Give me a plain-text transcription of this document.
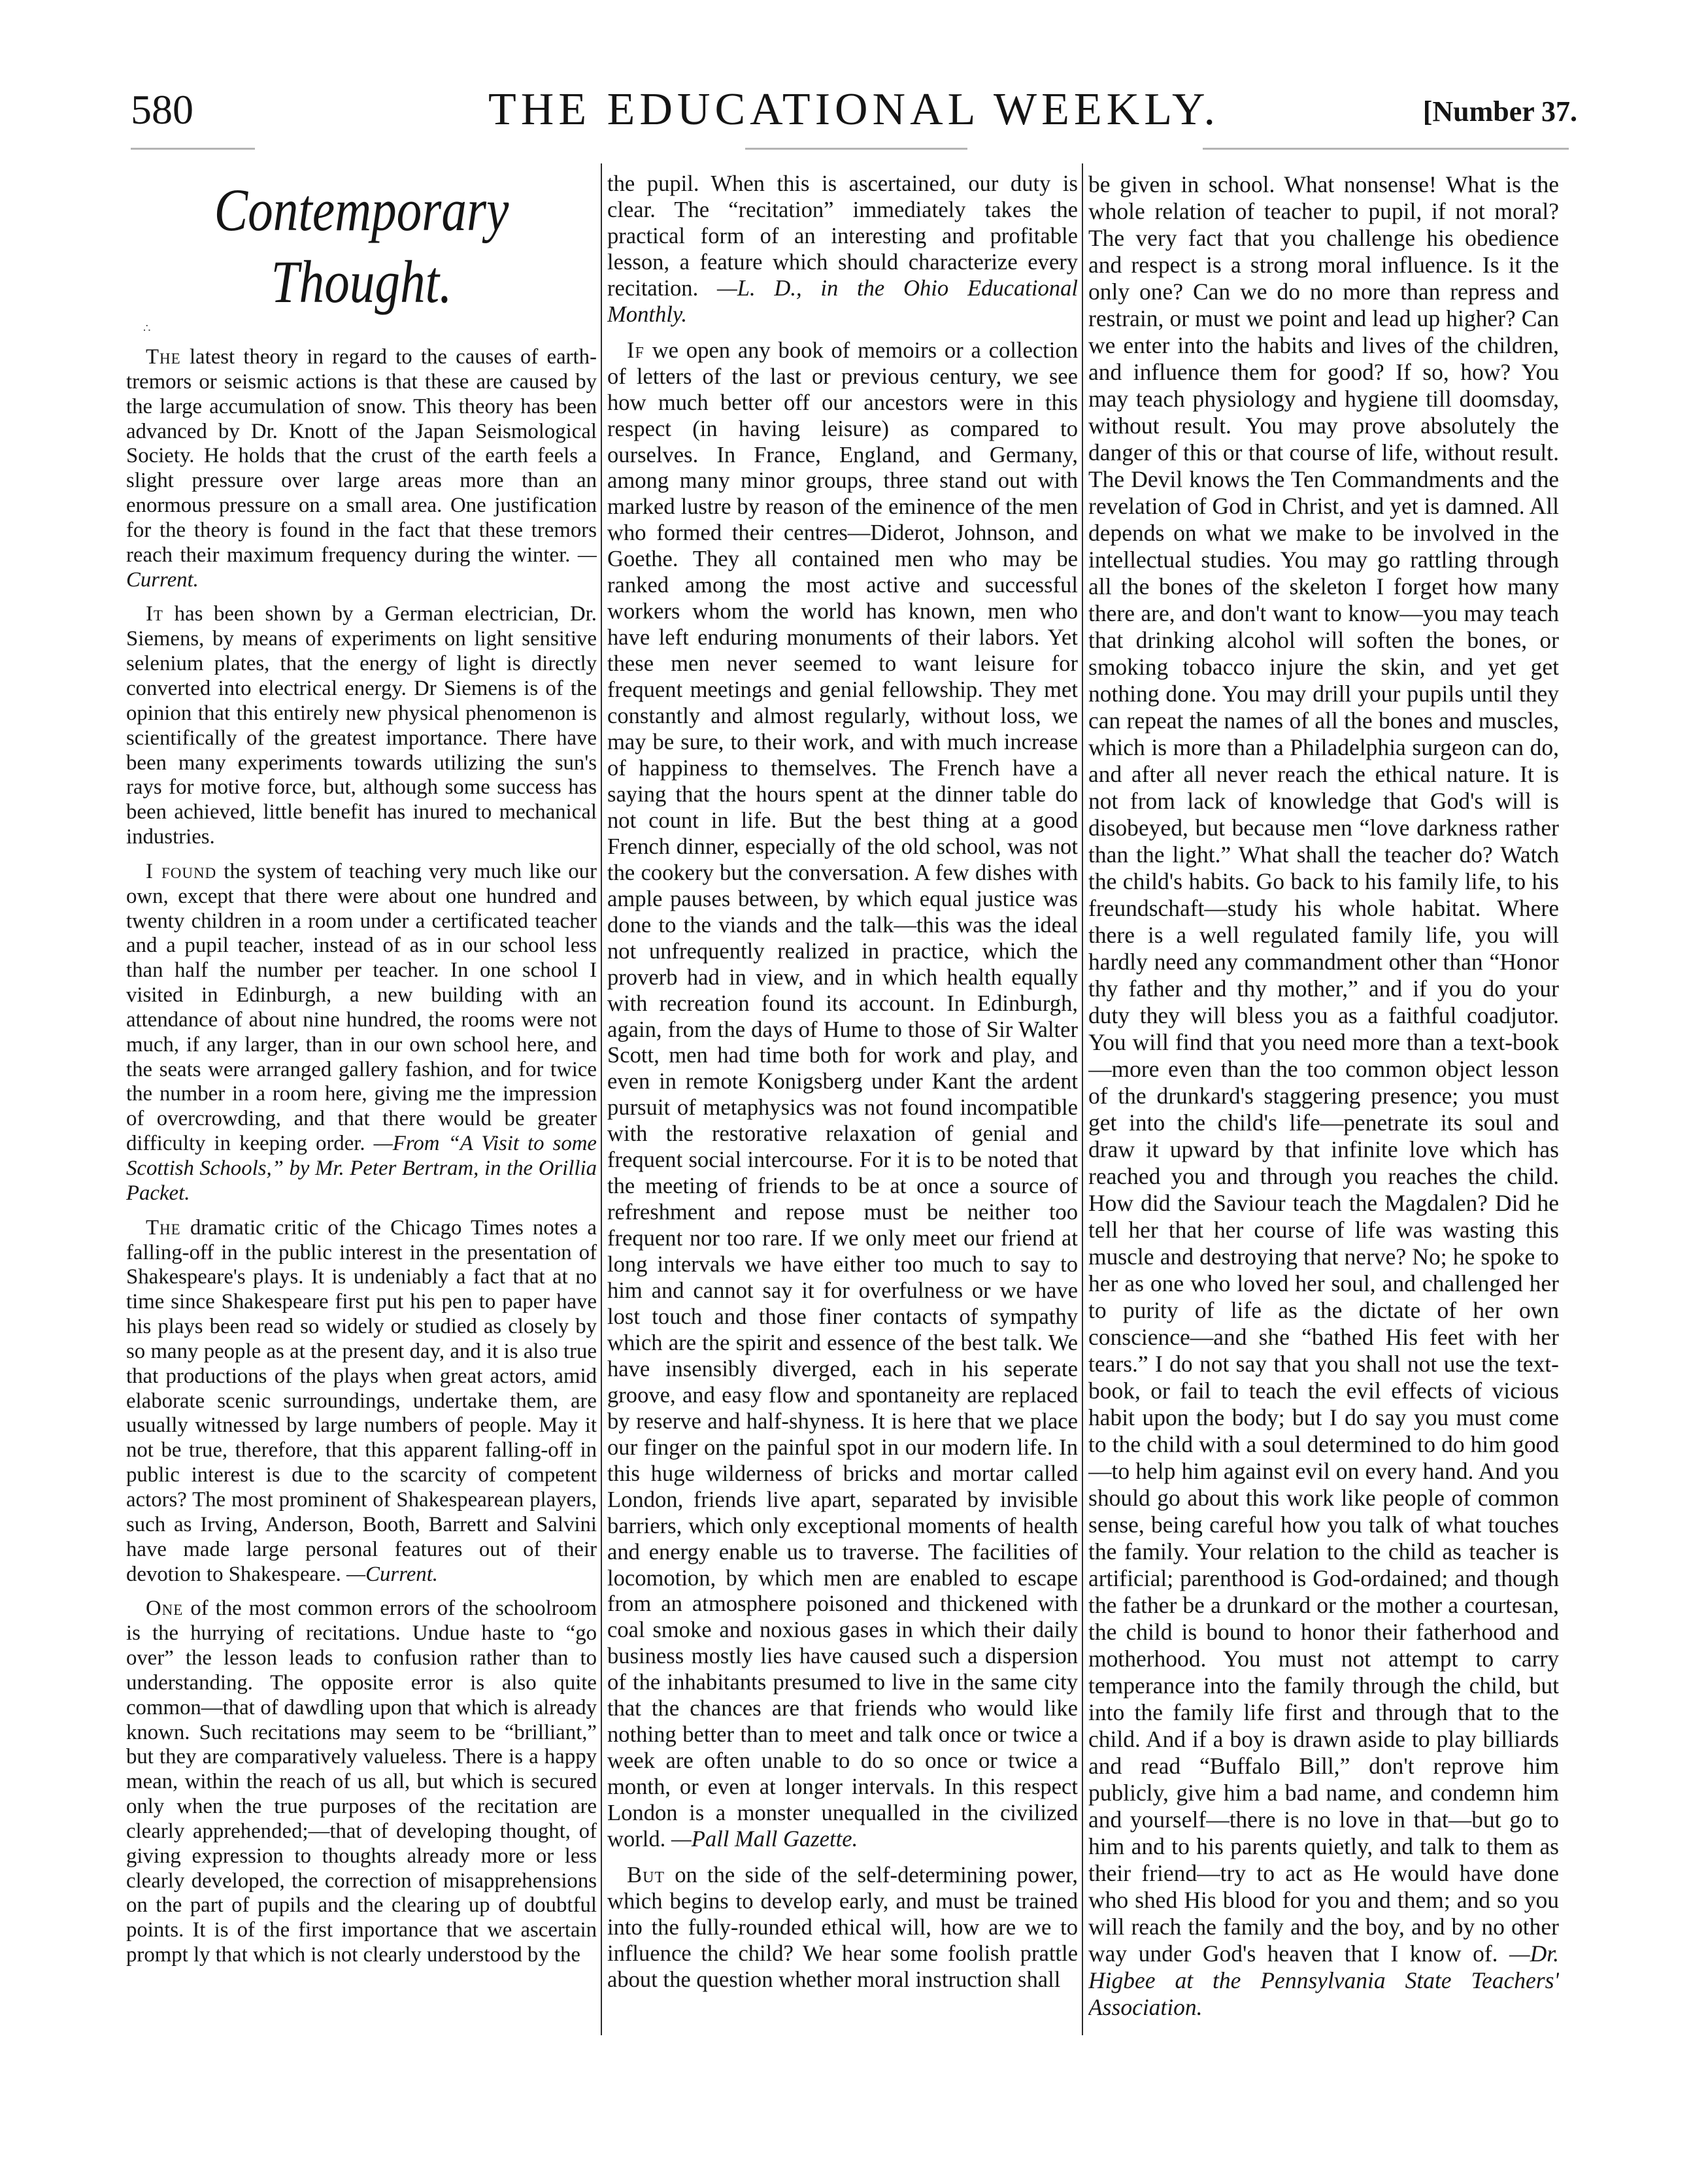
580	THE EDUCATIONAL WEEKLY.	[Number 37.
Contemporary Thought.
∴

The latest theory in regard to the causes of earth-tremors or seismic actions is that these are caused by the large accumulation of snow. This theory has been advanced by Dr. Knott of the Japan Seismological Society. He holds that the crust of the earth feels a slight pressure over large areas more than an enormous pressure on a small area. One justification for the theory is found in the fact that these tremors reach their maximum frequency during the winter. —Current.

It has been shown by a German electrician, Dr. Siemens, by means of experiments on light sensitive selenium plates, that the energy of light is directly converted into electrical energy. Dr Siemens is of the opinion that this entirely new physical phenomenon is scientifically of the greatest importance. There have been many experiments towards utilizing the sun's rays for motive force, but, although some success has been achieved, little benefit has inured to mechanical industries.

I found the system of teaching very much like our own, except that there were about one hundred and twenty children in a room under a certificated teacher and a pupil teacher, instead of as in our school less than half the number per teacher. In one school I visited in Edinburgh, a new building with an attendance of about nine hundred, the rooms were not much, if any larger, than in our own school here, and the seats were arranged gallery fashion, and for twice the number in a room here, giving me the impression of overcrowding, and that there would be greater difficulty in keeping order. —From “A Visit to some Scottish Schools,” by Mr. Peter Bertram, in the Orillia Packet.

The dramatic critic of the Chicago Times notes a falling-off in the public interest in the presentation of Shakespeare's plays. It is undeniably a fact that at no time since Shakespeare first put his pen to paper have his plays been read so widely or studied as closely by so many people as at the present day, and it is also true that productions of the plays when great actors, amid elaborate scenic surroundings, undertake them, are usually witnessed by large numbers of people. May it not be true, therefore, that this apparent falling-off in public interest is due to the scarcity of competent actors? The most prominent of Shakespearean players, such as Irving, Anderson, Booth, Barrett and Salvini have made large personal features out of their devotion to Shakespeare. —Current.

One of the most common errors of the schoolroom is the hurrying of recitations. Undue haste to “go over” the lesson leads to confusion rather than to understanding. The opposite error is also quite common—that of dawdling upon that which is already known. Such recitations may seem to be “brilliant,” but they are comparatively valueless. There is a happy mean, within the reach of us all, but which is secured only when the true purposes of the recitation are clearly apprehended;—that of developing thought, of giving expression to thoughts already more or less clearly developed, the correction of misapprehensions on the part of pupils and the clearing up of doubtful points. It is of the first importance that we ascertain prompt ly that which is not clearly understood by the

the pupil. When this is ascertained, our duty is clear. The “recitation” immediately takes the practical form of an interesting and profitable lesson, a feature which should characterize every recitation. —L. D., in the Ohio Educational Monthly.

If we open any book of memoirs or a collection of letters of the last or previous century, we see how much better off our ancestors were in this respect (in having leisure) as compared to ourselves. In France, England, and Germany, among many minor groups, three stand out with marked lustre by reason of the eminence of the men who formed their centres—Diderot, Johnson, and Goethe. They all contained men who may be ranked among the most active and successful workers whom the world has known, men who have left enduring monuments of their labors. Yet these men never seemed to want leisure for frequent meetings and genial fellowship. They met constantly and almost regularly, without loss, we may be sure, to their work, and with much increase of happiness to themselves. The French have a saying that the hours spent at the dinner table do not count in life. But the best thing at a good French dinner, especially of the old school, was not the cookery but the conversation. A few dishes with ample pauses between, by which equal justice was done to the viands and the talk—this was the ideal not unfrequently realized in practice, which the proverb had in view, and in which health equally with recreation found its account. In Edinburgh, again, from the days of Hume to those of Sir Walter Scott, men had time both for work and play, and even in remote Konigsberg under Kant the ardent pursuit of metaphysics was not found incompatible with the restorative relaxation of genial and frequent social intercourse. For it is to be noted that the meeting of friends to be at once a source of refreshment and repose must be neither too frequent nor too rare. If we only meet our friend at long intervals we have either too much to say to him and cannot say it for overfulness or we have lost touch and those finer contacts of sympathy which are the spirit and essence of the best talk. We have insensibly diverged, each in his seperate groove, and easy flow and spontaneity are replaced by reserve and half-shyness. It is here that we place our finger on the painful spot in our modern life. In this huge wilderness of bricks and mortar called London, friends live apart, separated by invisible barriers, which only exceptional moments of health and energy enable us to traverse. The facilities of locomotion, by which men are enabled to escape from an atmosphere poisoned and thickened with coal smoke and noxious gases in which their daily business mostly lies have caused such a dispersion of the inhabitants presumed to live in the same city that the chances are that friends who would like nothing better than to meet and talk once or twice a week are often unable to do so once or twice a month, or even at longer intervals. In this respect London is a monster unequalled in the civilized world. —Pall Mall Gazette.

But on the side of the self-determining power, which begins to develop early, and must be trained into the fully-rounded ethical will, how are we to influence the child? We hear some foolish prattle about the question whether moral instruction shall

be given in school. What nonsense! What is the whole relation of teacher to pupil, if not moral? The very fact that you challenge his obedience and respect is a strong moral influence. Is it the only one? Can we do no more than repress and restrain, or must we point and lead up higher? Can we enter into the habits and lives of the children, and influence them for good? If so, how? You may teach physiology and hygiene till doomsday, without result. You may prove absolutely the danger of this or that course of life, without result. The Devil knows the Ten Commandments and the revelation of God in Christ, and yet is damned. All depends on what we make to be involved in the intellectual studies. You may go rattling through all the bones of the skeleton I forget how many there are, and don't want to know—you may teach that drinking alcohol will soften the bones, or smoking tobacco injure the skin, and yet get nothing done. You may drill your pupils until they can repeat the names of all the bones and muscles, which is more than a Philadelphia surgeon can do, and after all never reach the ethical nature. It is not from lack of knowledge that God's will is disobeyed, but because men “love darkness rather than the light.” What shall the teacher do? Watch the child's habits. Go back to his family life, to his freundschaft—study his whole habitat. Where there is a well regulated family life, you will hardly need any commandment other than “Honor thy father and thy mother,” and if you do your duty they will bless you as a faithful coadjutor. You will find that you need more than a text-book—more even than the too common object lesson of the drunkard's staggering presence; you must get into the child's life—penetrate its soul and draw it upward by that infinite love which has reached you and through you reaches the child. How did the Saviour teach the Magdalen? Did he tell her that her course of life was wasting this muscle and destroying that nerve? No; he spoke to her as one who loved her soul, and challenged her to purity of life as the dictate of her own conscience—and she “bathed His feet with her tears.” I do not say that you shall not use the text-book, or fail to teach the evil effects of vicious habit upon the body; but I do say you must come to the child with a soul determined to do him good—to help him against evil on every hand. And you should go about this work like people of common sense, being careful how you talk of what touches the family. Your relation to the child as teacher is artificial; parenthood is God-ordained; and though the father be a drunkard or the mother a courtesan, the child is bound to honor their fatherhood and motherhood. You must not attempt to carry temperance into the family through the child, but into the family life first and through that to the child. And if a boy is drawn aside to play billiards and read “Buffalo Bill,” don't reprove him publicly, give him a bad name, and condemn him and yourself—there is no love in that—but go to him and to his parents quietly, and talk to them as their friend—try to act as He would have done who shed His blood for you and them; and so you will reach the family and the boy, and by no other way under God's heaven that I know of. —Dr. Higbee at the Pennsylvania State Teachers' Association.
